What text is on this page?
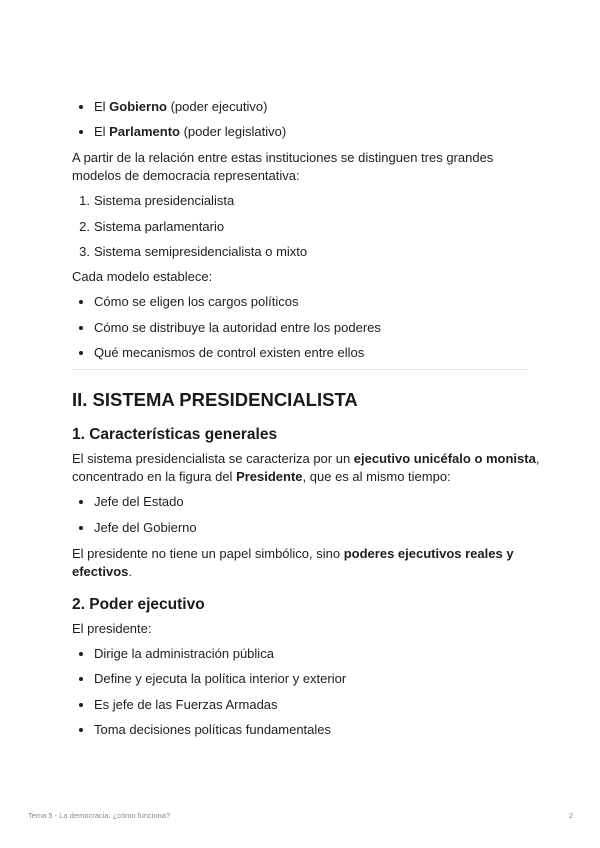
El Gobierno (poder ejecutivo)
El Parlamento (poder legislativo)
A partir de la relación entre estas instituciones se distinguen tres grandes
modelos de democracia representativa:
1. Sistema presidencialista
2. Sistema parlamentario
3. Sistema semipresidencialista o mixto
Cada modelo establece:
Cómo se eligen los cargos políticos
Cómo se distribuye la autoridad entre los poderes
Qué mecanismos de control existen entre ellos
II. SISTEMA PRESIDENCIALISTA
1. Características generales
El sistema presidencialista se caracteriza por un ejecutivo unicéfalo o monista,
concentrado en la figura del Presidente, que es al mismo tiempo:
Jefe del Estado
Jefe del Gobierno
El presidente no tiene un papel simbólico, sino poderes ejecutivos reales y
efectivos.
2. Poder ejecutivo
El presidente:
Dirige la administración pública
Define y ejecuta la política interior y exterior
Es jefe de las Fuerzas Armadas
Toma decisiones políticas fundamentales
Tema 5 - La democracia: ¿cómo funciona?	2
